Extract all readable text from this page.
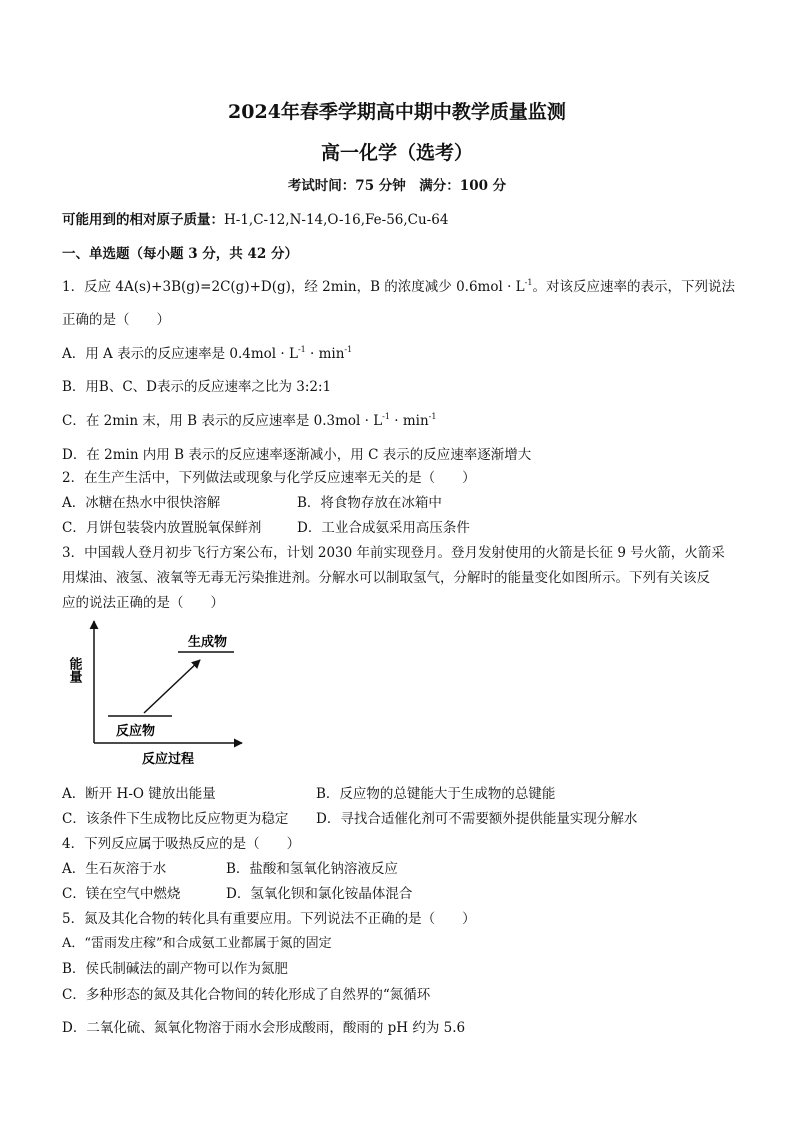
2024年春季学期高中期中教学质量监测
高一化学（选考）
考试时间：75 分钟　满分：100 分
可能用到的相对原子质量：H-1,C-12,N-14,O-16,Fe-56,Cu-64
一、单选题（每小题 3 分，共 42 分）
1．反应 4A(s)+3B(g)=2C(g)+D(g)，经 2min，B 的浓度减少 $0.6mol \cdot L^{-1}$。对该反应速率的表示，下列说法
正确的是（　　）
A．用 A 表示的反应速率是 $0.4mol \cdot L^{-1} \cdot \min^{-1}$
B．用B、C、D表示的反应速率之比为 3:2:1
C．在 2min 末，用 B 表示的反应速率是 $0.3mol \cdot L^{-1} \cdot \min^{-1}$
D．在 2min 内用 B 表示的反应速率逐渐减小，用 C 表示的反应速率逐渐增大
2．在生产生活中，下列做法或现象与化学反应速率无关的是（　　）
A．冰糖在热水中很快溶解	B．将食物存放在冰箱中
C．月饼包装袋内放置脱氧保鲜剂	D．工业合成氨采用高压条件
3．中国载人登月初步飞行方案公布，计划 2030 年前实现登月。登月发射使用的火箭是长征 9 号火箭，火箭采
用煤油、液氢、液氧等无毒无污染推进剂。分解水可以制取氢气，分解时的能量变化如图所示。下列有关该反
应的说法正确的是（　　）
能量
反应过程
反应物
生成物
A．断开 H-O 键放出能量	B．反应物的总键能大于生成物的总键能
C．该条件下生成物比反应物更为稳定 D．寻找合适催化剂可不需要额外提供能量实现分解水
4．下列反应属于吸热反应的是（　　）
A．生石灰溶于水	B．盐酸和氢氧化钠溶液反应
C．镁在空气中燃烧	D．氢氧化钡和氯化铵晶体混合
5．氮及其化合物的转化具有重要应用。下列说法不正确的是（　　）
A．“雷雨发庄稼”和合成氨工业都属于氮的固定
B．侯氏制碱法的副产物可以作为氮肥
C．多种形态的氮及其化合物间的转化形成了自然界的“氮循环
D．二氧化硫、氮氧化物溶于雨水会形成酸雨，酸雨的 pH 约为 5.6
